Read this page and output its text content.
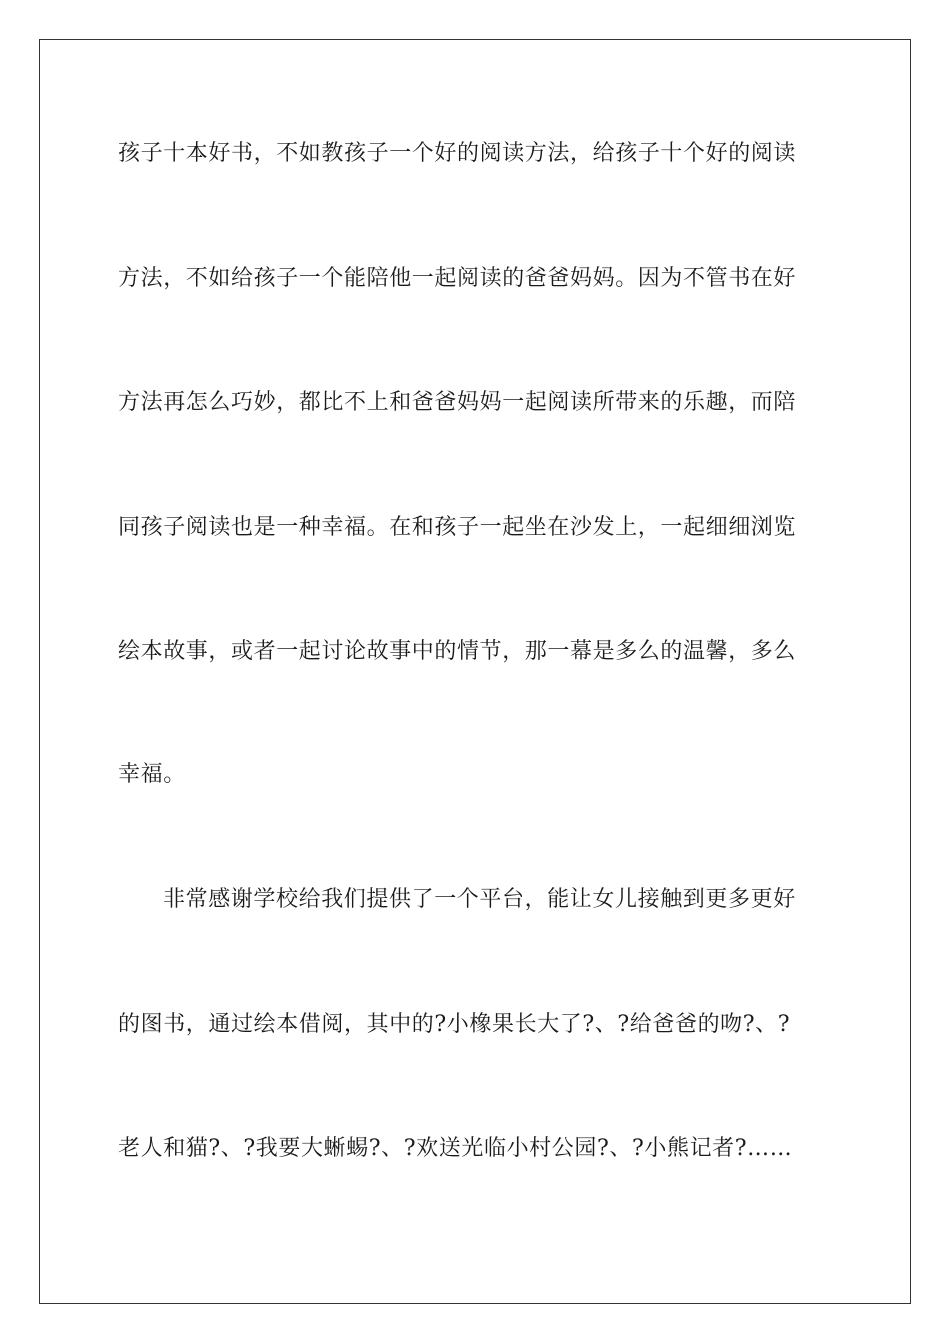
孩子十本好书，不如教孩子一个好的阅读方法，给孩子十个好的阅读
方法，不如给孩子一个能陪他一起阅读的爸爸妈妈。因为不管书在好
方法再怎么巧妙，都比不上和爸爸妈妈一起阅读所带来的乐趣，而陪
同孩子阅读也是一种幸福。在和孩子一起坐在沙发上，一起细细浏览
绘本故事，或者一起讨论故事中的情节，那一幕是多么的温馨，多么
幸福。
非常感谢学校给我们提供了一个平台，能让女儿接触到更多更好
的图书，通过绘本借阅，其中的?小橡果长大了?、?给爸爸的吻?、?
老人和猫?、?我要大蜥蜴?、?欢送光临小村公园?、?小熊记者?……
